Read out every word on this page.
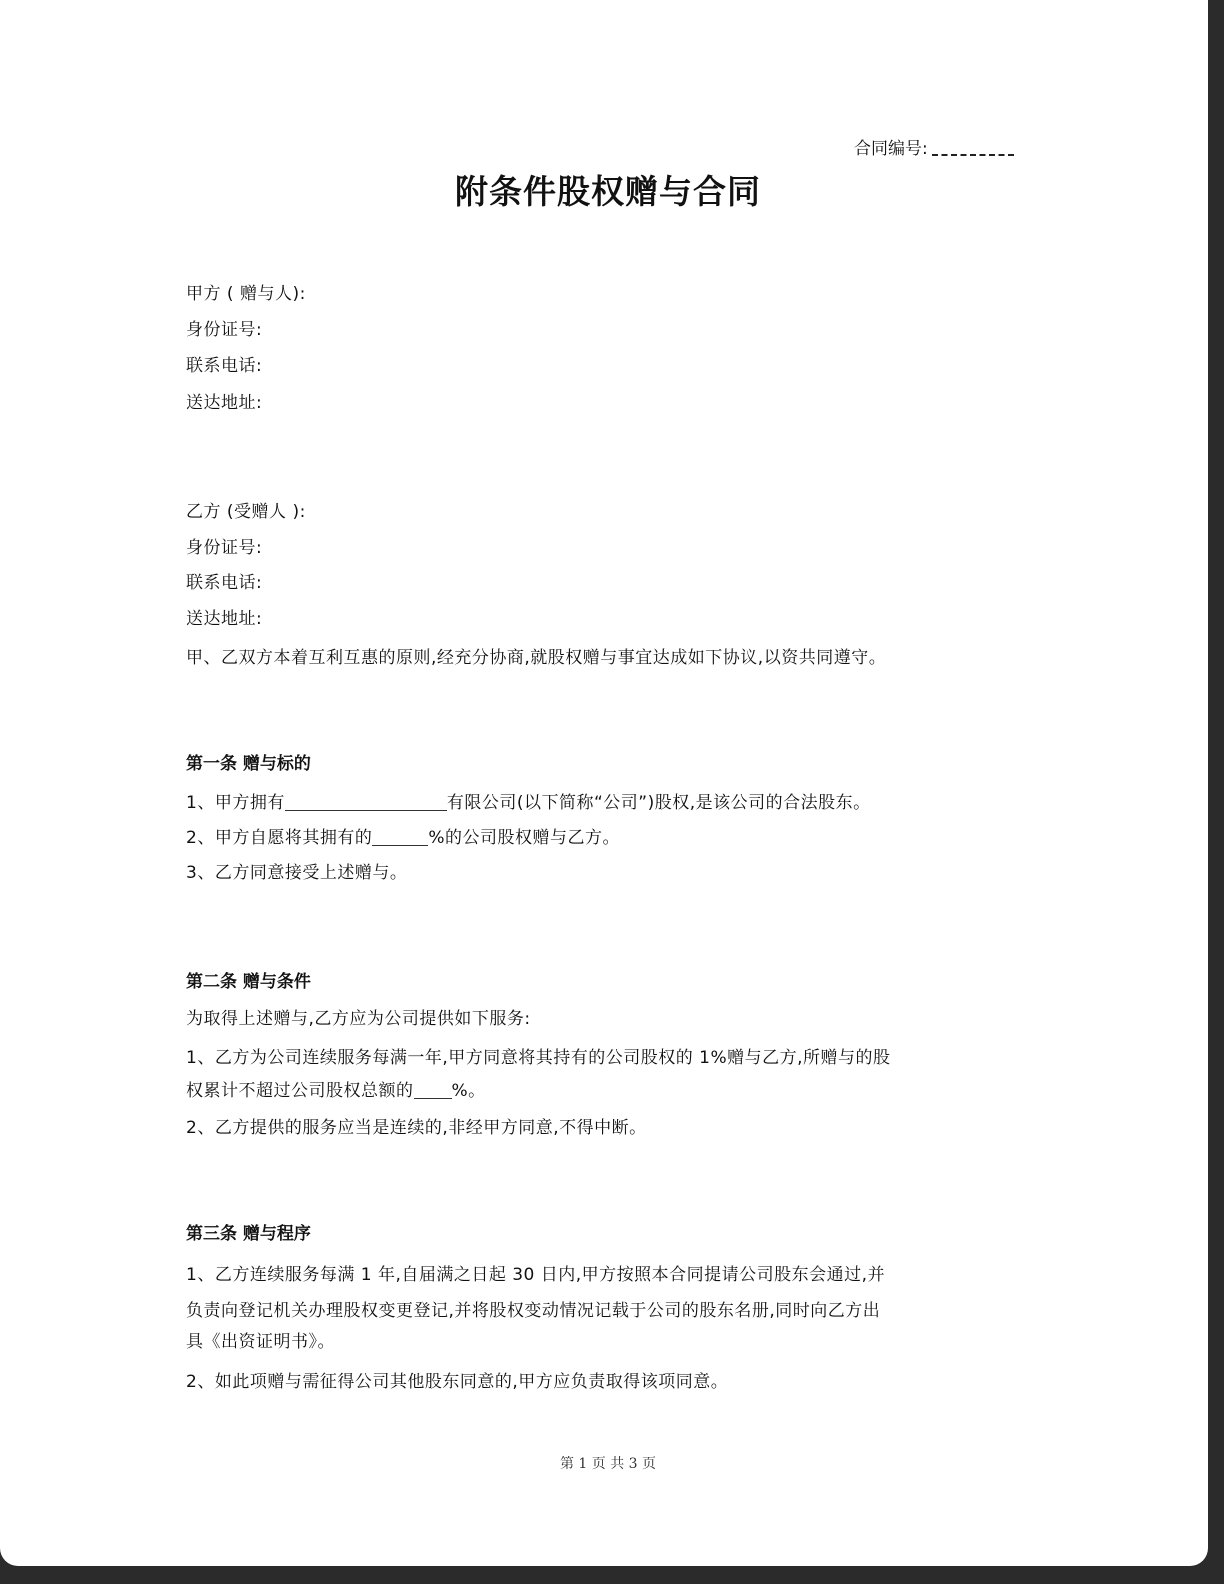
合同编号:
附条件股权赠与合同
甲方 ( 赠与人):
身份证号:
联系电话:
送达地址:
乙方 (受赠人 ):
身份证号:
联系电话:
送达地址:
甲、乙双方本着互利互惠的原则,经充分协商,就股权赠与事宜达成如下协议,以资共同遵守。
第一条 赠与标的
1、甲方拥有	有限公司(以下简称“公司”)股权,是该公司的合法股东。
2、甲方自愿将其拥有的	%的公司股权赠与乙方。
3、乙方同意接受上述赠与。
第二条 赠与条件
为取得上述赠与,乙方应为公司提供如下服务:
1、乙方为公司连续服务每满一年,甲方同意将其持有的公司股权的 1%赠与乙方,所赠与的股
权累计不超过公司股权总额的 %。
2、乙方提供的服务应当是连续的,非经甲方同意,不得中断。
第三条 赠与程序
1、乙方连续服务每满 1 年,自届满之日起 30 日内,甲方按照本合同提请公司股东会通过,并
负责向登记机关办理股权变更登记,并将股权变动情况记载于公司的股东名册,同时向乙方出
具《出资证明书》。
2、如此项赠与需征得公司其他股东同意的,甲方应负责取得该项同意。
第 1 页 共 3 页
